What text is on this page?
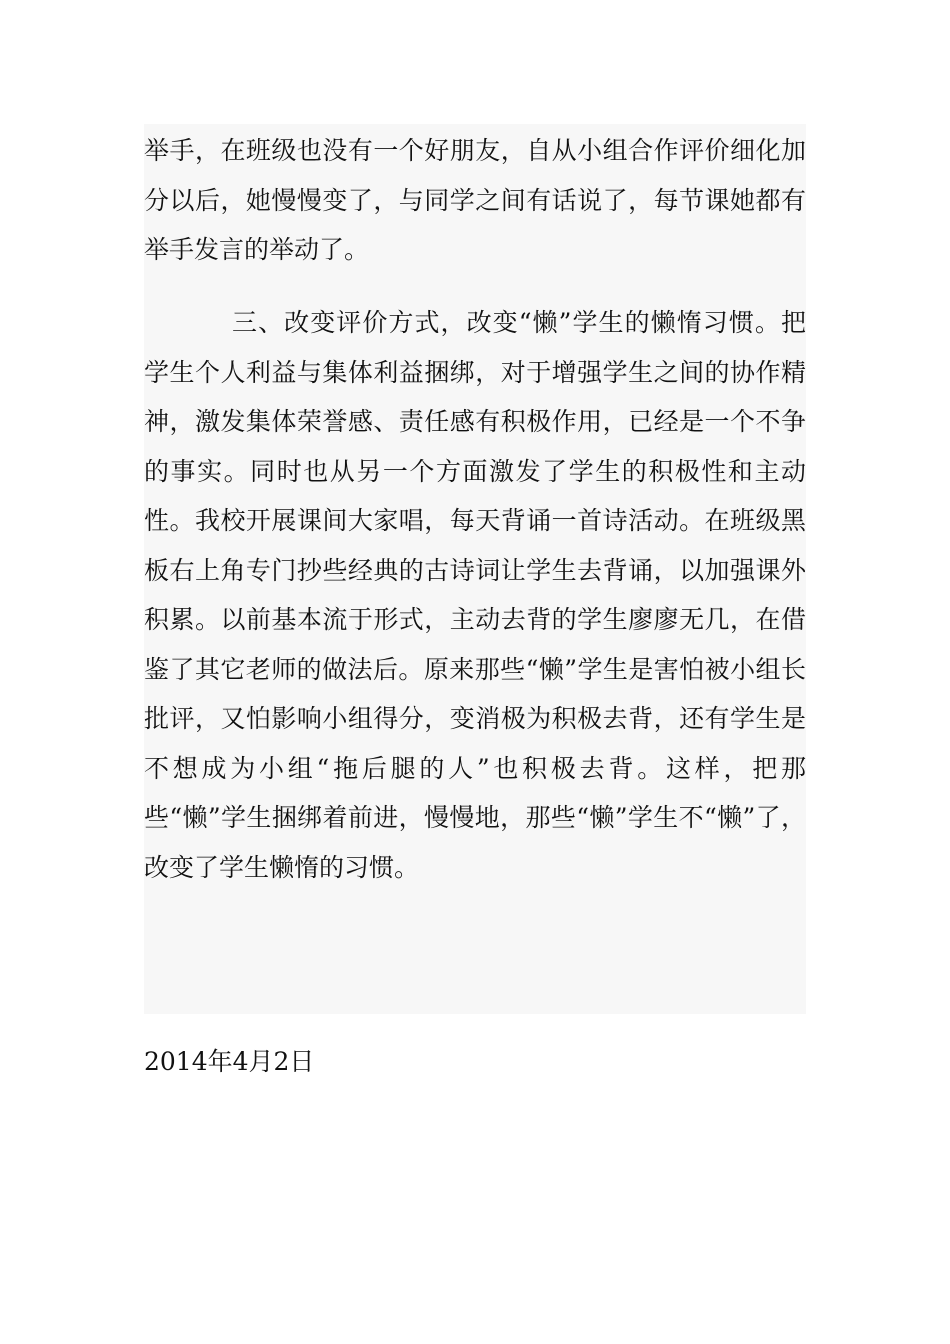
举手，在班级也没有一个好朋友，自从小组合作评价细化加分以后，她慢慢变了，与同学之间有话说了，每节课她都有举手发言的举动了。

三、改变评价方式，改变“懒”学生的懒惰习惯。把学生个人利益与集体利益捆绑，对于增强学生之间的协作精神，激发集体荣誉感、责任感有积极作用，已经是一个不争的事实。同时也从另一个方面激发了学生的积极性和主动性。我校开展课间大家唱，每天背诵一首诗活动。在班级黑板右上角专门抄些经典的古诗词让学生去背诵，以加强课外积累。以前基本流于形式，主动去背的学生廖廖无几，在借鉴了其它老师的做法后。原来那些“懒”学生是害怕被小组长批评，又怕影响小组得分，变消极为积极去背，还有学生是不想成为小组“拖后腿的人”也积极去背。这样，把那些“懒”学生捆绑着前进，慢慢地，那些“懒”学生不“懒”了，改变了学生懒惰的习惯。

2014年4月2日
